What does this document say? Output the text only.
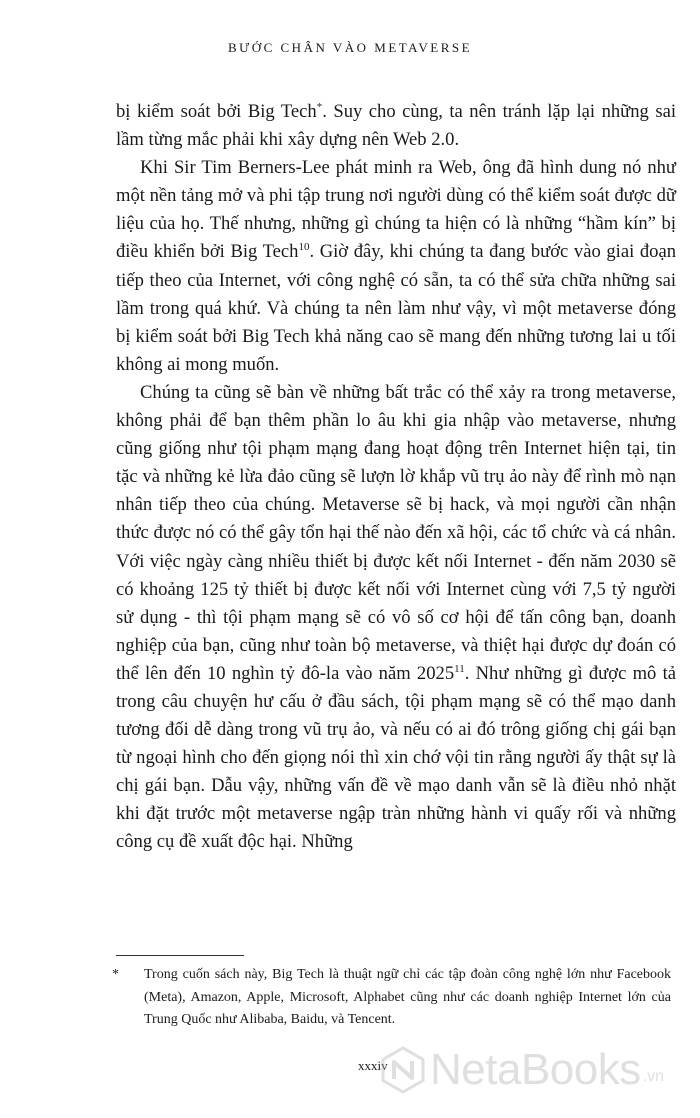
BƯỚC CHÂN VÀO METAVERSE

bị kiểm soát bởi Big Tech*. Suy cho cùng, ta nên tránh lặp lại những sai lầm từng mắc phải khi xây dựng nên Web 2.0.

Khi Sir Tim Berners-Lee phát minh ra Web, ông đã hình dung nó như một nền tảng mở và phi tập trung nơi người dùng có thể kiểm soát được dữ liệu của họ. Thế nhưng, những gì chúng ta hiện có là những “hầm kín” bị điều khiển bởi Big Tech$^{10}$. Giờ đây, khi chúng ta đang bước vào giai đoạn tiếp theo của Internet, với công nghệ có sẵn, ta có thể sửa chữa những sai lầm trong quá khứ. Và chúng ta nên làm như vậy, vì một metaverse đóng bị kiểm soát bởi Big Tech khả năng cao sẽ mang đến những tương lai u tối không ai mong muốn.

Chúng ta cũng sẽ bàn về những bất trắc có thể xảy ra trong metaverse, không phải để bạn thêm phần lo âu khi gia nhập vào metaverse, nhưng cũng giống như tội phạm mạng đang hoạt động trên Internet hiện tại, tin tặc và những kẻ lừa đảo cũng sẽ lượn lờ khắp vũ trụ ảo này để rình mò nạn nhân tiếp theo của chúng. Metaverse sẽ bị hack, và mọi người cần nhận thức được nó có thể gây tổn hại thế nào đến xã hội, các tổ chức và cá nhân. Với việc ngày càng nhiều thiết bị được kết nối Internet - đến năm 2030 sẽ có khoảng 125 tỷ thiết bị được kết nối với Internet cùng với 7,5 tỷ người sử dụng - thì tội phạm mạng sẽ có vô số cơ hội để tấn công bạn, doanh nghiệp của bạn, cũng như toàn bộ metaverse, và thiệt hại được dự đoán có thể lên đến 10 nghìn tỷ đô-la vào năm 2025$^{11}$. Như những gì được mô tả trong câu chuyện hư cấu ở đầu sách, tội phạm mạng sẽ có thể mạo danh tương đối dễ dàng trong vũ trụ ảo, và nếu có ai đó trông giống chị gái bạn từ ngoại hình cho đến giọng nói thì xin chớ vội tin rằng người ấy thật sự là chị gái bạn. Dẫu vậy, những vấn đề về mạo danh vẫn sẽ là điều nhỏ nhặt khi đặt trước một metaverse ngập tràn những hành vi quấy rối và những công cụ đề xuất độc hại. Những

* Trong cuốn sách này, Big Tech là thuật ngữ chỉ các tập đoàn công nghệ lớn như Facebook (Meta), Amazon, Apple, Microsoft, Alphabet cũng như các doanh nghiệp Internet lớn của Trung Quốc như Alibaba, Baidu, và Tencent.
xxxiv NetaBooks .vn
